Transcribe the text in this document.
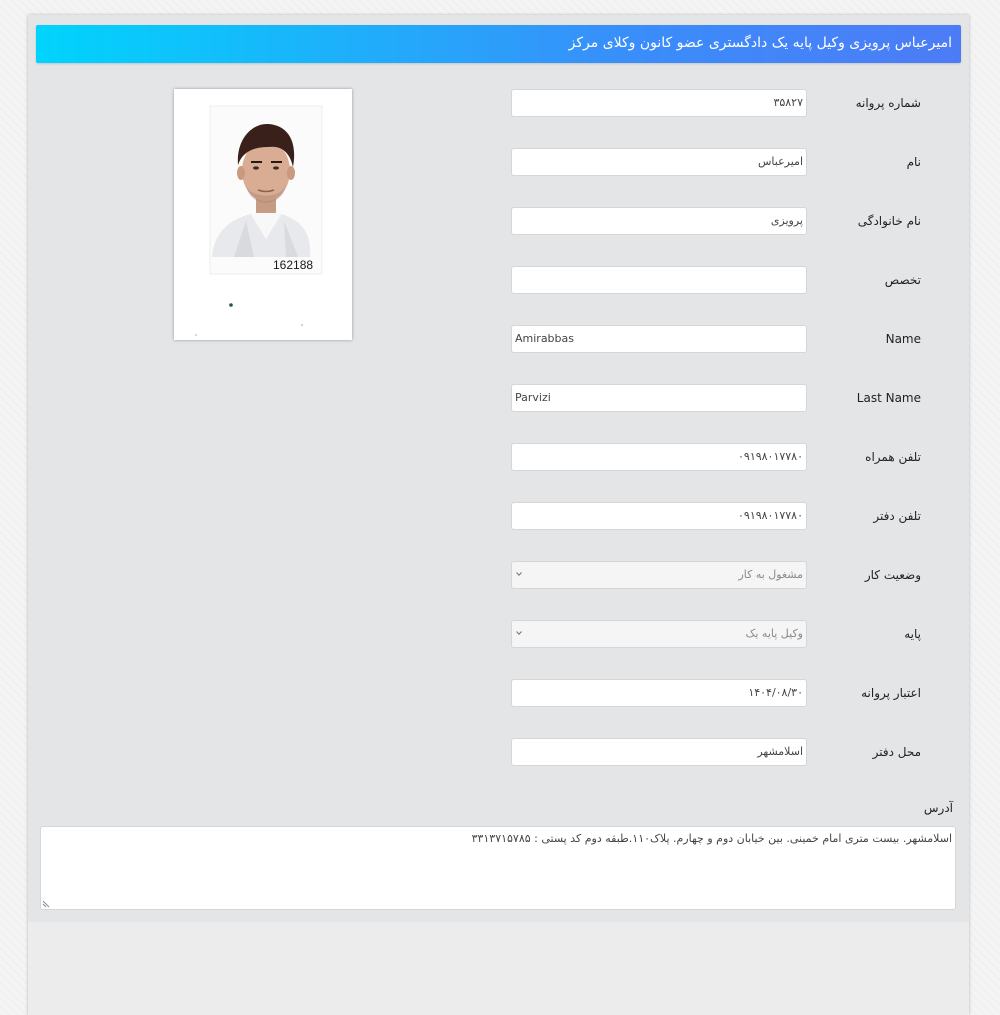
امیرعباس پرویزی وکیل پایه یک دادگستری عضو کانون وکلای مرکز
162188
شماره پروانه
۳۵۸۲۷
نام
امیرعباس
نام خانوادگی
پرویزی
تخصص
Name
Amirabbas
Last Name
Parvizi
تلفن همراه
۰۹۱۹۸۰۱۷۷۸۰
تلفن دفتر
۰۹۱۹۸۰۱۷۷۸۰
وضعیت کار
مشغول به کار
پایه
وکیل پایه یک
اعتبار پروانه
۱۴۰۴/۰۸/۳۰
محل دفتر
اسلامشهر
آدرس
اسلامشهر. بیست متری امام خمینی. بین خیابان دوم و چهارم. پلاک۱۱۰.طبقه دوم کد پستی : ۳۳۱۳۷۱۵۷۸۵
